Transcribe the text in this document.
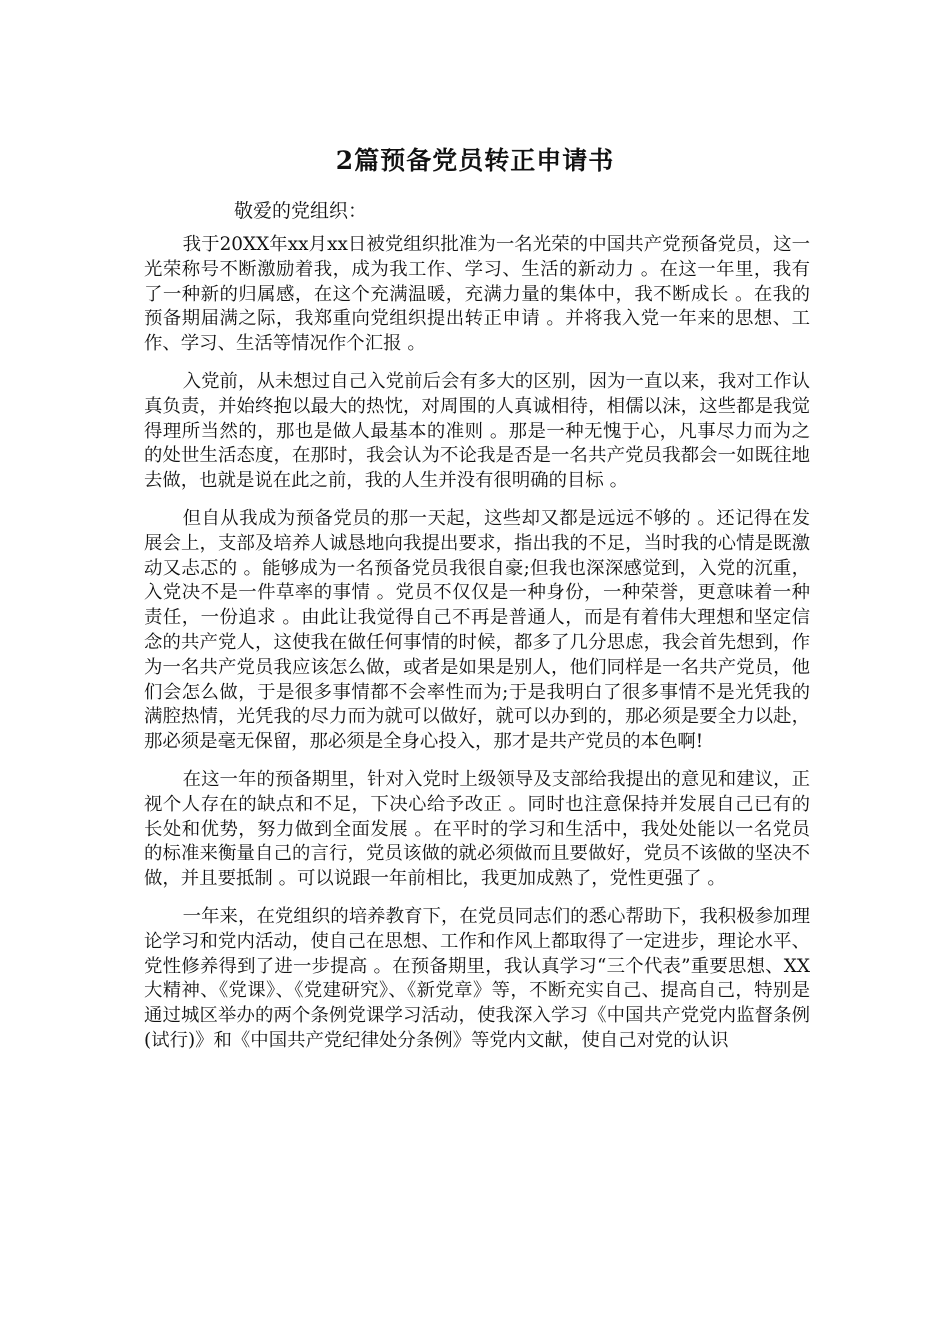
2篇预备党员转正申请书
敬爱的党组织：

我于20XX年xx月xx日被党组织批准为一名光荣的中国共产党预备党员，这一光荣称号不断激励着我，成为我工作、学习、生活的新动力 。在这一年里，我有了一种新的归属感，在这个充满温暖，充满力量的集体中，我不断成长 。在我的预备期届满之际，我郑重向党组织提出转正申请 。并将我入党一年来的思想、工作、学习、生活等情况作个汇报 。

入党前，从未想过自己入党前后会有多大的区别，因为一直以来，我对工作认真负责，并始终抱以最大的热忱，对周围的人真诚相待，相儒以沫，这些都是我觉得理所当然的，那也是做人最基本的准则 。那是一种无愧于心，凡事尽力而为之的处世生活态度，在那时，我会认为不论我是否是一名共产党员我都会一如既往地去做，也就是说在此之前，我的人生并没有很明确的目标 。

但自从我成为预备党员的那一天起，这些却又都是远远不够的 。还记得在发展会上，支部及培养人诚恳地向我提出要求，指出我的不足，当时我的心情是既激动又忐忑的 。能够成为一名预备党员我很自豪;但我也深深感觉到，入党的沉重，入党决不是一件草率的事情 。党员不仅仅是一种身份，一种荣誉，更意味着一种责任，一份追求 。由此让我觉得自己不再是普通人，而是有着伟大理想和坚定信念的共产党人，这使我在做任何事情的时候，都多了几分思虑，我会首先想到，作为一名共产党员我应该怎么做，或者是如果是别人，他们同样是一名共产党员，他们会怎么做，于是很多事情都不会率性而为;于是我明白了很多事情不是光凭我的满腔热情，光凭我的尽力而为就可以做好，就可以办到的，那必须是要全力以赴，那必须是毫无保留，那必须是全身心投入，那才是共产党员的本色啊!

在这一年的预备期里，针对入党时上级领导及支部给我提出的意见和建议，正视个人存在的缺点和不足，下决心给予改正 。同时也注意保持并发展自己已有的长处和优势，努力做到全面发展 。在平时的学习和生活中，我处处能以一名党员的标准来衡量自己的言行，党员该做的就必须做而且要做好，党员不该做的坚决不做，并且要抵制 。可以说跟一年前相比，我更加成熟了，党性更强了 。

一年来，在党组织的培养教育下，在党员同志们的悉心帮助下，我积极参加理论学习和党内活动，使自己在思想、工作和作风上都取得了一定进步，理论水平、党性修养得到了进一步提高 。在预备期里，我认真学习“三个代表”重要思想、XX大精神、《党课》、《党建研究》、《新党章》等，不断充实自己、提高自己，特别是通过城区举办的两个条例党课学习活动，使我深入学习《中国共产党党内监督条例(试行)》和《中国共产党纪律处分条例》等党内文献，使自己对党的认识
